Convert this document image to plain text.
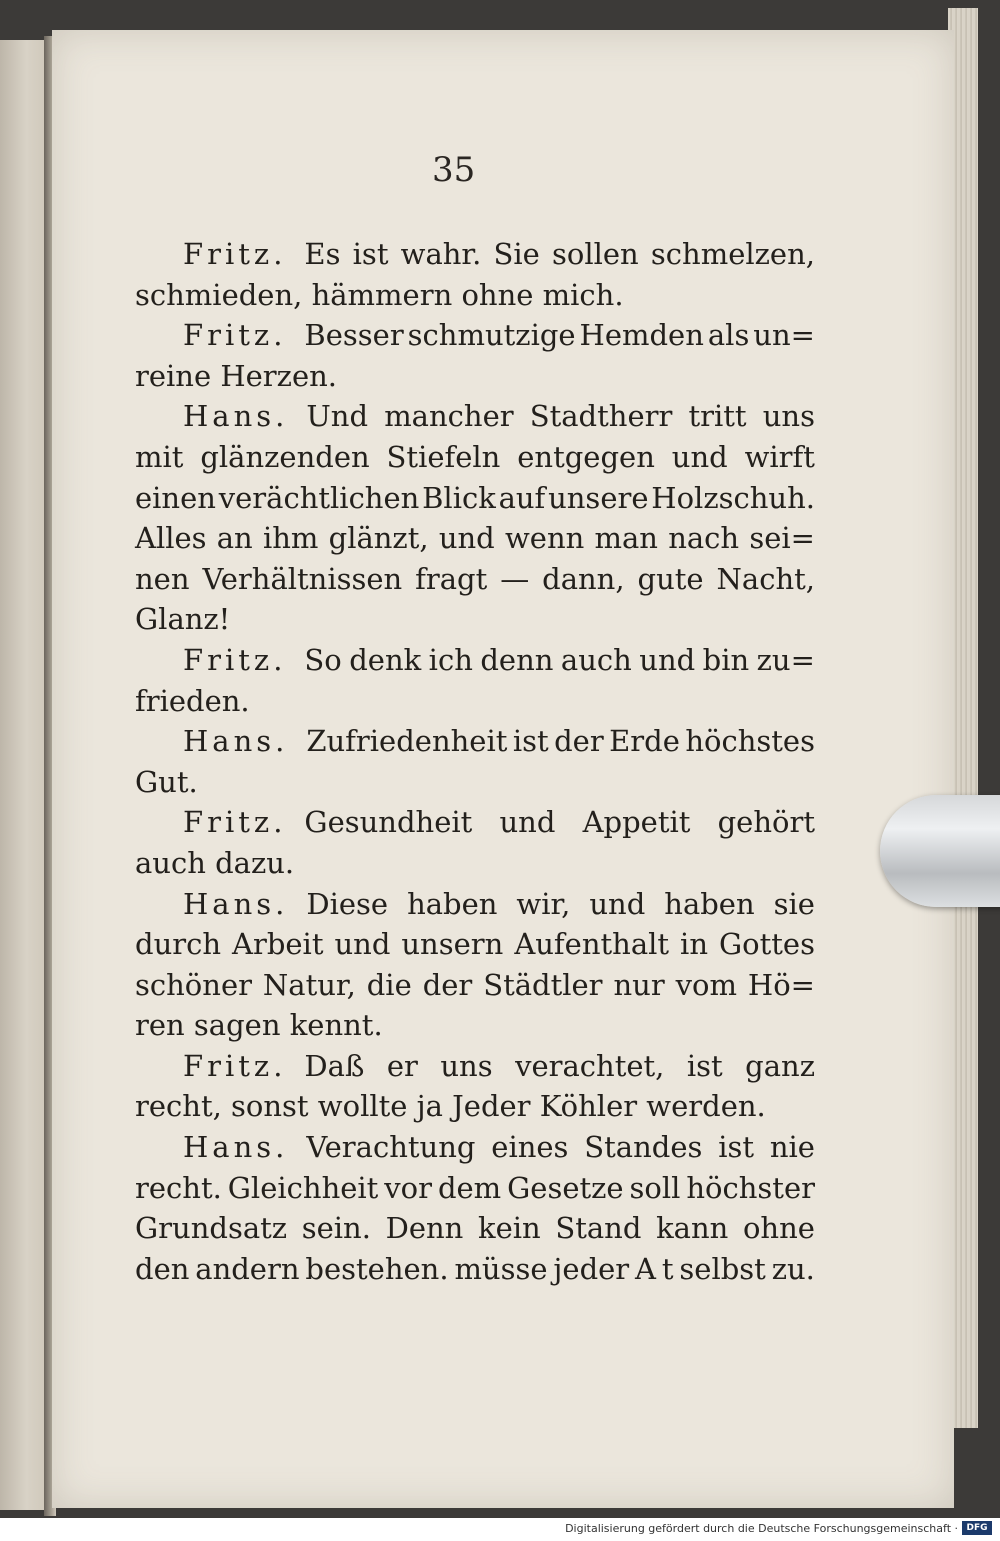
35
Fritz. Es ist wahr. Sie sollen schmelzen,
schmieden, hämmern ohne mich.
Fritz. Besser schmutzige Hemden als un=
reine Herzen.
Hans. Und mancher Stadtherr tritt uns
mit glänzenden Stiefeln entgegen und wirft
einen verächtlichen Blick auf unsere Holzschuh.
Alles an ihm glänzt, und wenn man nach sei=
nen Verhältnissen fragt — dann, gute Nacht,
Glanz!
Fritz. So denk ich denn auch und bin zu=
frieden.
Hans. Zufriedenheit ist der Erde höchstes
Gut.
Fritz. Gesundheit und Appetit gehört
auch dazu.
Hans. Diese haben wir, und haben sie
durch Arbeit und unsern Aufenthalt in Gottes
schöner Natur, die der Städtler nur vom Hö=
ren sagen kennt.
Fritz. Daß er uns verachtet, ist ganz
recht, sonst wollte ja Jeder Köhler werden.
Hans. Verachtung eines Standes ist nie
recht. Gleichheit vor dem Gesetze soll höchster
Grundsatz sein. Denn kein Stand kann ohne
den andern bestehen. müsse jeder A t selbst zu.
Digitalisierung gefördert durch die Deutsche Forschungsgemeinschaft · DFG
